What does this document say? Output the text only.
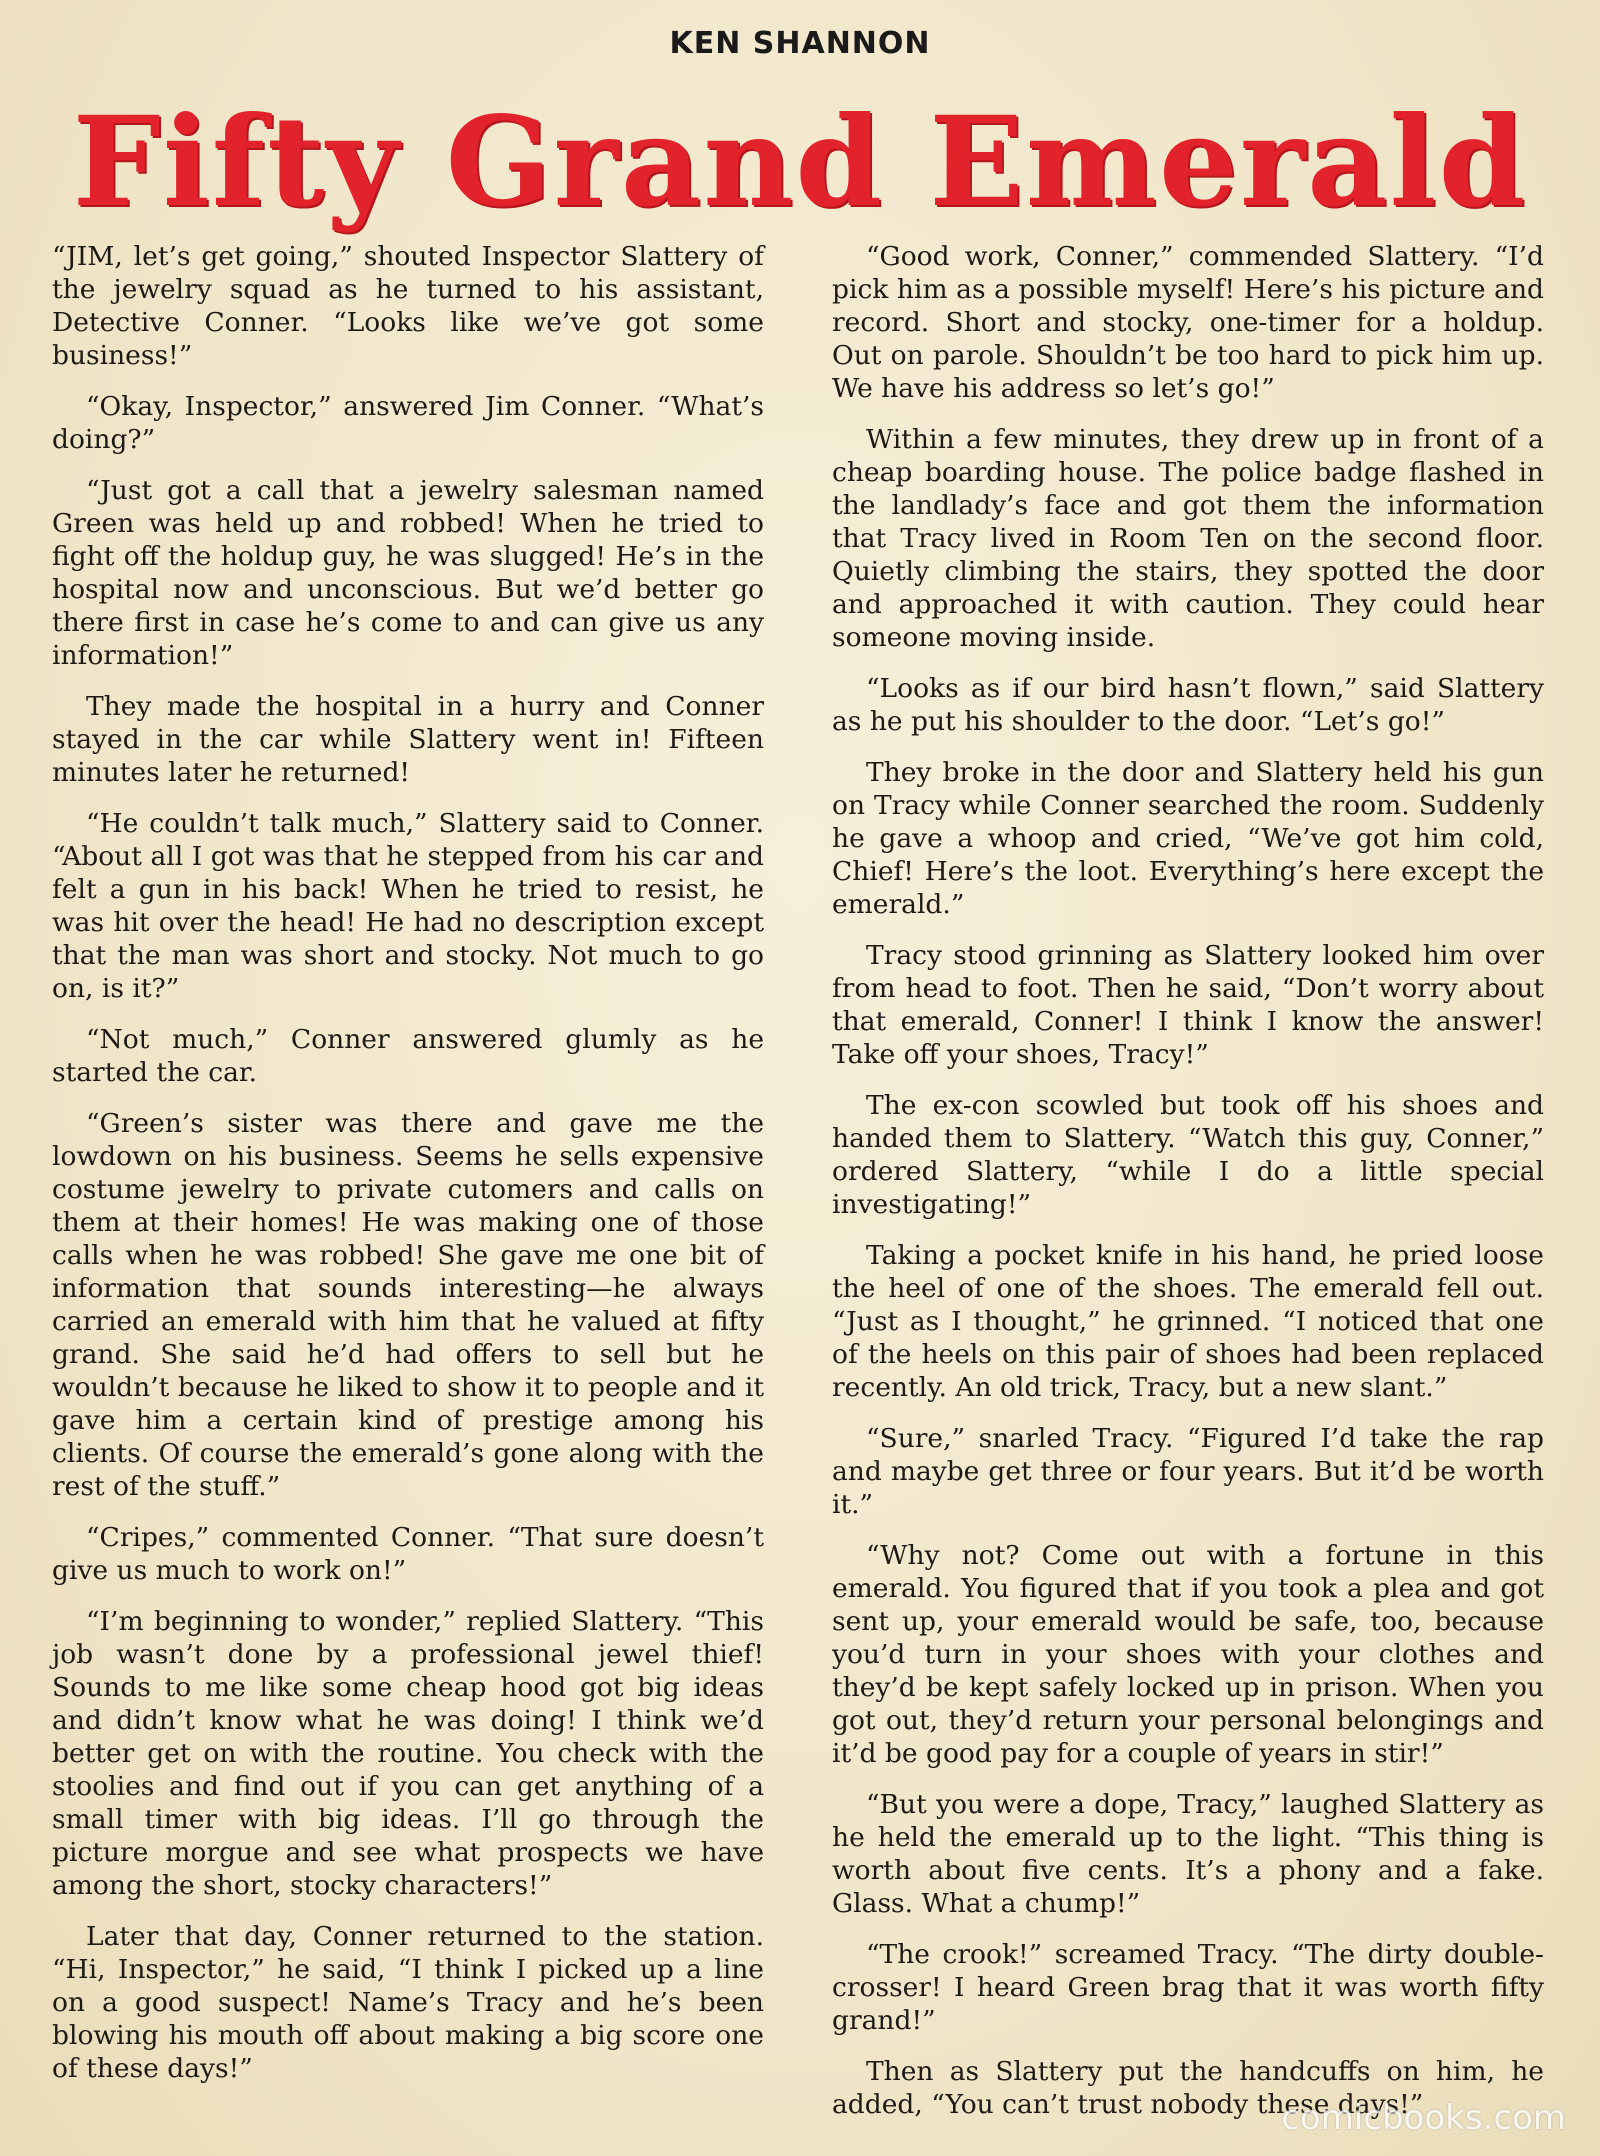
KEN SHANNON
Fifty Grand Emerald

“JIM, let’s get going,” shouted Inspector Slattery of the jewelry squad as he turned to his assistant, Detective Conner. “Looks like we’ve got some business!”

“Okay, Inspector,” answered Jim Conner. “What’s doing?”

“Just got a call that a jewelry salesman named Green was held up and robbed! When he tried to fight off the holdup guy, he was slugged! He’s in the hospital now and unconscious. But we’d better go there first in case he’s come to and can give us any information!”

They made the hospital in a hurry and Conner stayed in the car while Slattery went in! Fifteen minutes later he returned!

“He couldn’t talk much,” Slattery said to Conner. “About all I got was that he stepped from his car and felt a gun in his back! When he tried to resist, he was hit over the head! He had no description except that the man was short and stocky. Not much to go on, is it?”

“Not much,” Conner answered glumly as he started the car.

“Green’s sister was there and gave me the lowdown on his business. Seems he sells expensive costume jewelry to private cutomers and calls on them at their homes! He was making one of those calls when he was robbed! She gave me one bit of information that sounds interesting—he always carried an emerald with him that he valued at fifty grand. She said he’d had offers to sell but he wouldn’t because he liked to show it to people and it gave him a certain kind of prestige among his clients. Of course the emerald’s gone along with the rest of the stuff.”

“Cripes,” commented Conner. “That sure doesn’t give us much to work on!”

“I’m beginning to wonder,” replied Slattery. “This job wasn’t done by a professional jewel thief! Sounds to me like some cheap hood got big ideas and didn’t know what he was doing! I think we’d better get on with the routine. You check with the stoolies and find out if you can get anything of a small timer with big ideas. I’ll go through the picture morgue and see what prospects we have among the short, stocky characters!”

Later that day, Conner returned to the station. “Hi, Inspector,” he said, “I think I picked up a line on a good suspect! Name’s Tracy and he’s been blowing his mouth off about making a big score one of these days!”

“Good work, Conner,” commended Slattery. “I’d pick him as a possible myself! Here’s his picture and record. Short and stocky, one-timer for a holdup. Out on parole. Shouldn’t be too hard to pick him up. We have his address so let’s go!”

Within a few minutes, they drew up in front of a cheap boarding house. The police badge flashed in the landlady’s face and got them the information that Tracy lived in Room Ten on the second floor. Quietly climbing the stairs, they spotted the door and approached it with caution. They could hear someone moving inside.

“Looks as if our bird hasn’t flown,” said Slattery as he put his shoulder to the door. “Let’s go!”

They broke in the door and Slattery held his gun on Tracy while Conner searched the room. Suddenly he gave a whoop and cried, “We’ve got him cold, Chief! Here’s the loot. Everything’s here except the emerald.”

Tracy stood grinning as Slattery looked him over from head to foot. Then he said, “Don’t worry about that emerald, Conner! I think I know the answer! Take off your shoes, Tracy!”

The ex-con scowled but took off his shoes and handed them to Slattery. “Watch this guy, Conner,” ordered Slattery, “while I do a little special investigating!”

Taking a pocket knife in his hand, he pried loose the heel of one of the shoes. The emerald fell out. “Just as I thought,” he grinned. “I noticed that one of the heels on this pair of shoes had been replaced recently. An old trick, Tracy, but a new slant.”

“Sure,” snarled Tracy. “Figured I’d take the rap and maybe get three or four years. But it’d be worth it.”

“Why not? Come out with a fortune in this emerald. You figured that if you took a plea and got sent up, your emerald would be safe, too, because you’d turn in your shoes with your clothes and they’d be kept safely locked up in prison. When you got out, they’d return your personal belongings and it’d be good pay for a couple of years in stir!”

“But you were a dope, Tracy,” laughed Slattery as he held the emerald up to the light. “This thing is worth about five cents. It’s a phony and a fake. Glass. What a chump!”

“The crook!” screamed Tracy. “The dirty double-crosser! I heard Green brag that it was worth fifty grand!”

Then as Slattery put the handcuffs on him, he added, “You can’t trust nobody these days!”

comicbooks.com
